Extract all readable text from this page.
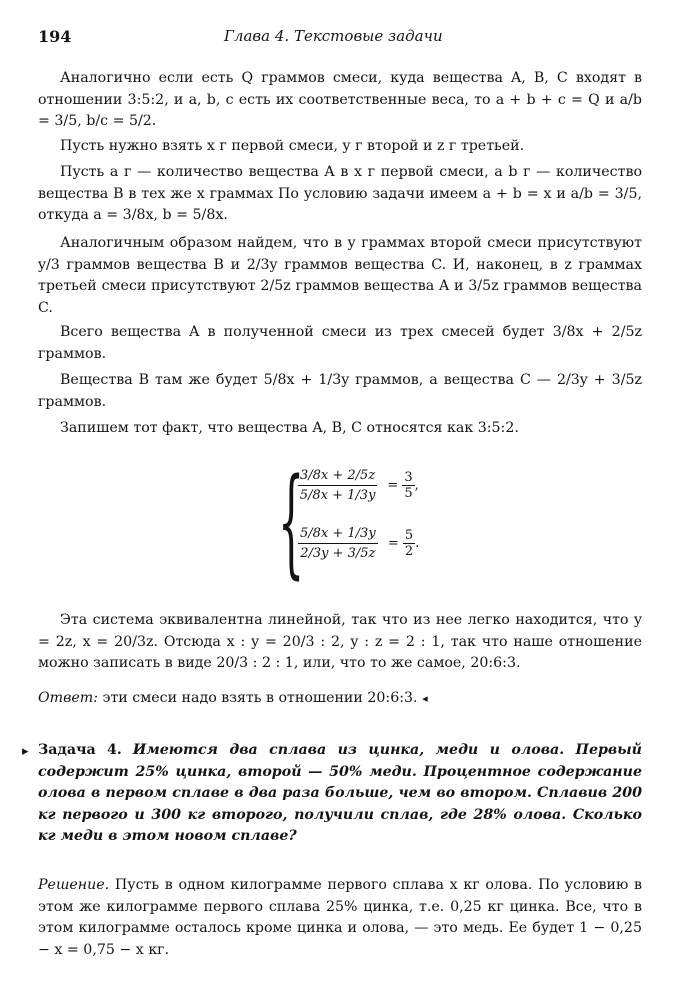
194	Глава 4. Текстовые задачи
Аналогично если есть Q граммов смеси, куда вещества A, B, C входят в отношении 3:5:2, и a, b, c есть их соответственные веса, то a + b + c = Q и a/b = 3/5, b/c = 5/2.
Пусть нужно взять x г первой смеси, y г второй и z г третьей.
Пусть a г — количество вещества A в x г первой смеси, а b г — количество вещества B в тех же x граммах По условию задачи имеем a + b = x и a/b = 3/5, откуда a = 3/8x, b = 5/8x.
Аналогичным образом найдем, что в y граммах второй смеси присутствуют y/3 граммов вещества B и 2/3y граммов вещества C. И, наконец, в z граммах третьей смеси присутствуют 2/5z граммов вещества A и 3/5z граммов вещества C.
Всего вещества A в полученной смеси из трех смесей будет 3/8x + 2/5z граммов.
Вещества B там же будет 5/8x + 1/3y граммов, а вещества C — 2/3y + 3/5z граммов.
Запишем тот факт, что вещества A, B, C относятся как 3:5:2.
{
$\frac{3/8x + 2/5z}{5/8x + 1/3y} = \frac{3}{5}$ ,
$\frac{5/8x + 1/3y}{2/3y + 3/5z} = \frac{5}{2}$ .
Эта система эквивалентна линейной, так что из нее легко находится, что y = 2z, x = 20/3z. Отсюда x : y = 20/3 : 2, y : z = 2 : 1, так что наше отношение можно записать в виде 20/3 : 2 : 1, или, что то же самое, 20:6:3.
Ответ: эти смеси надо взять в отношении 20:6:3. ◂
▸ Задача 4. Имеются два сплава из цинка, меди и олова. Первый содержит 25% цинка, второй — 50% меди. Процентное содержание олова в первом сплаве в два раза больше, чем во втором. Сплавив 200 кг первого и 300 кг второго, получили сплав, где 28% олова. Сколько кг меди в этом новом сплаве?
Решение. Пусть в одном килограмме первого сплава x кг олова. По условию в этом же килограмме первого сплава 25% цинка, т.е. 0,25 кг цинка. Все, что в этом килограмме осталось кроме цинка и олова, — это медь. Ее будет 1 − 0,25 − x = 0,75 − x кг.
